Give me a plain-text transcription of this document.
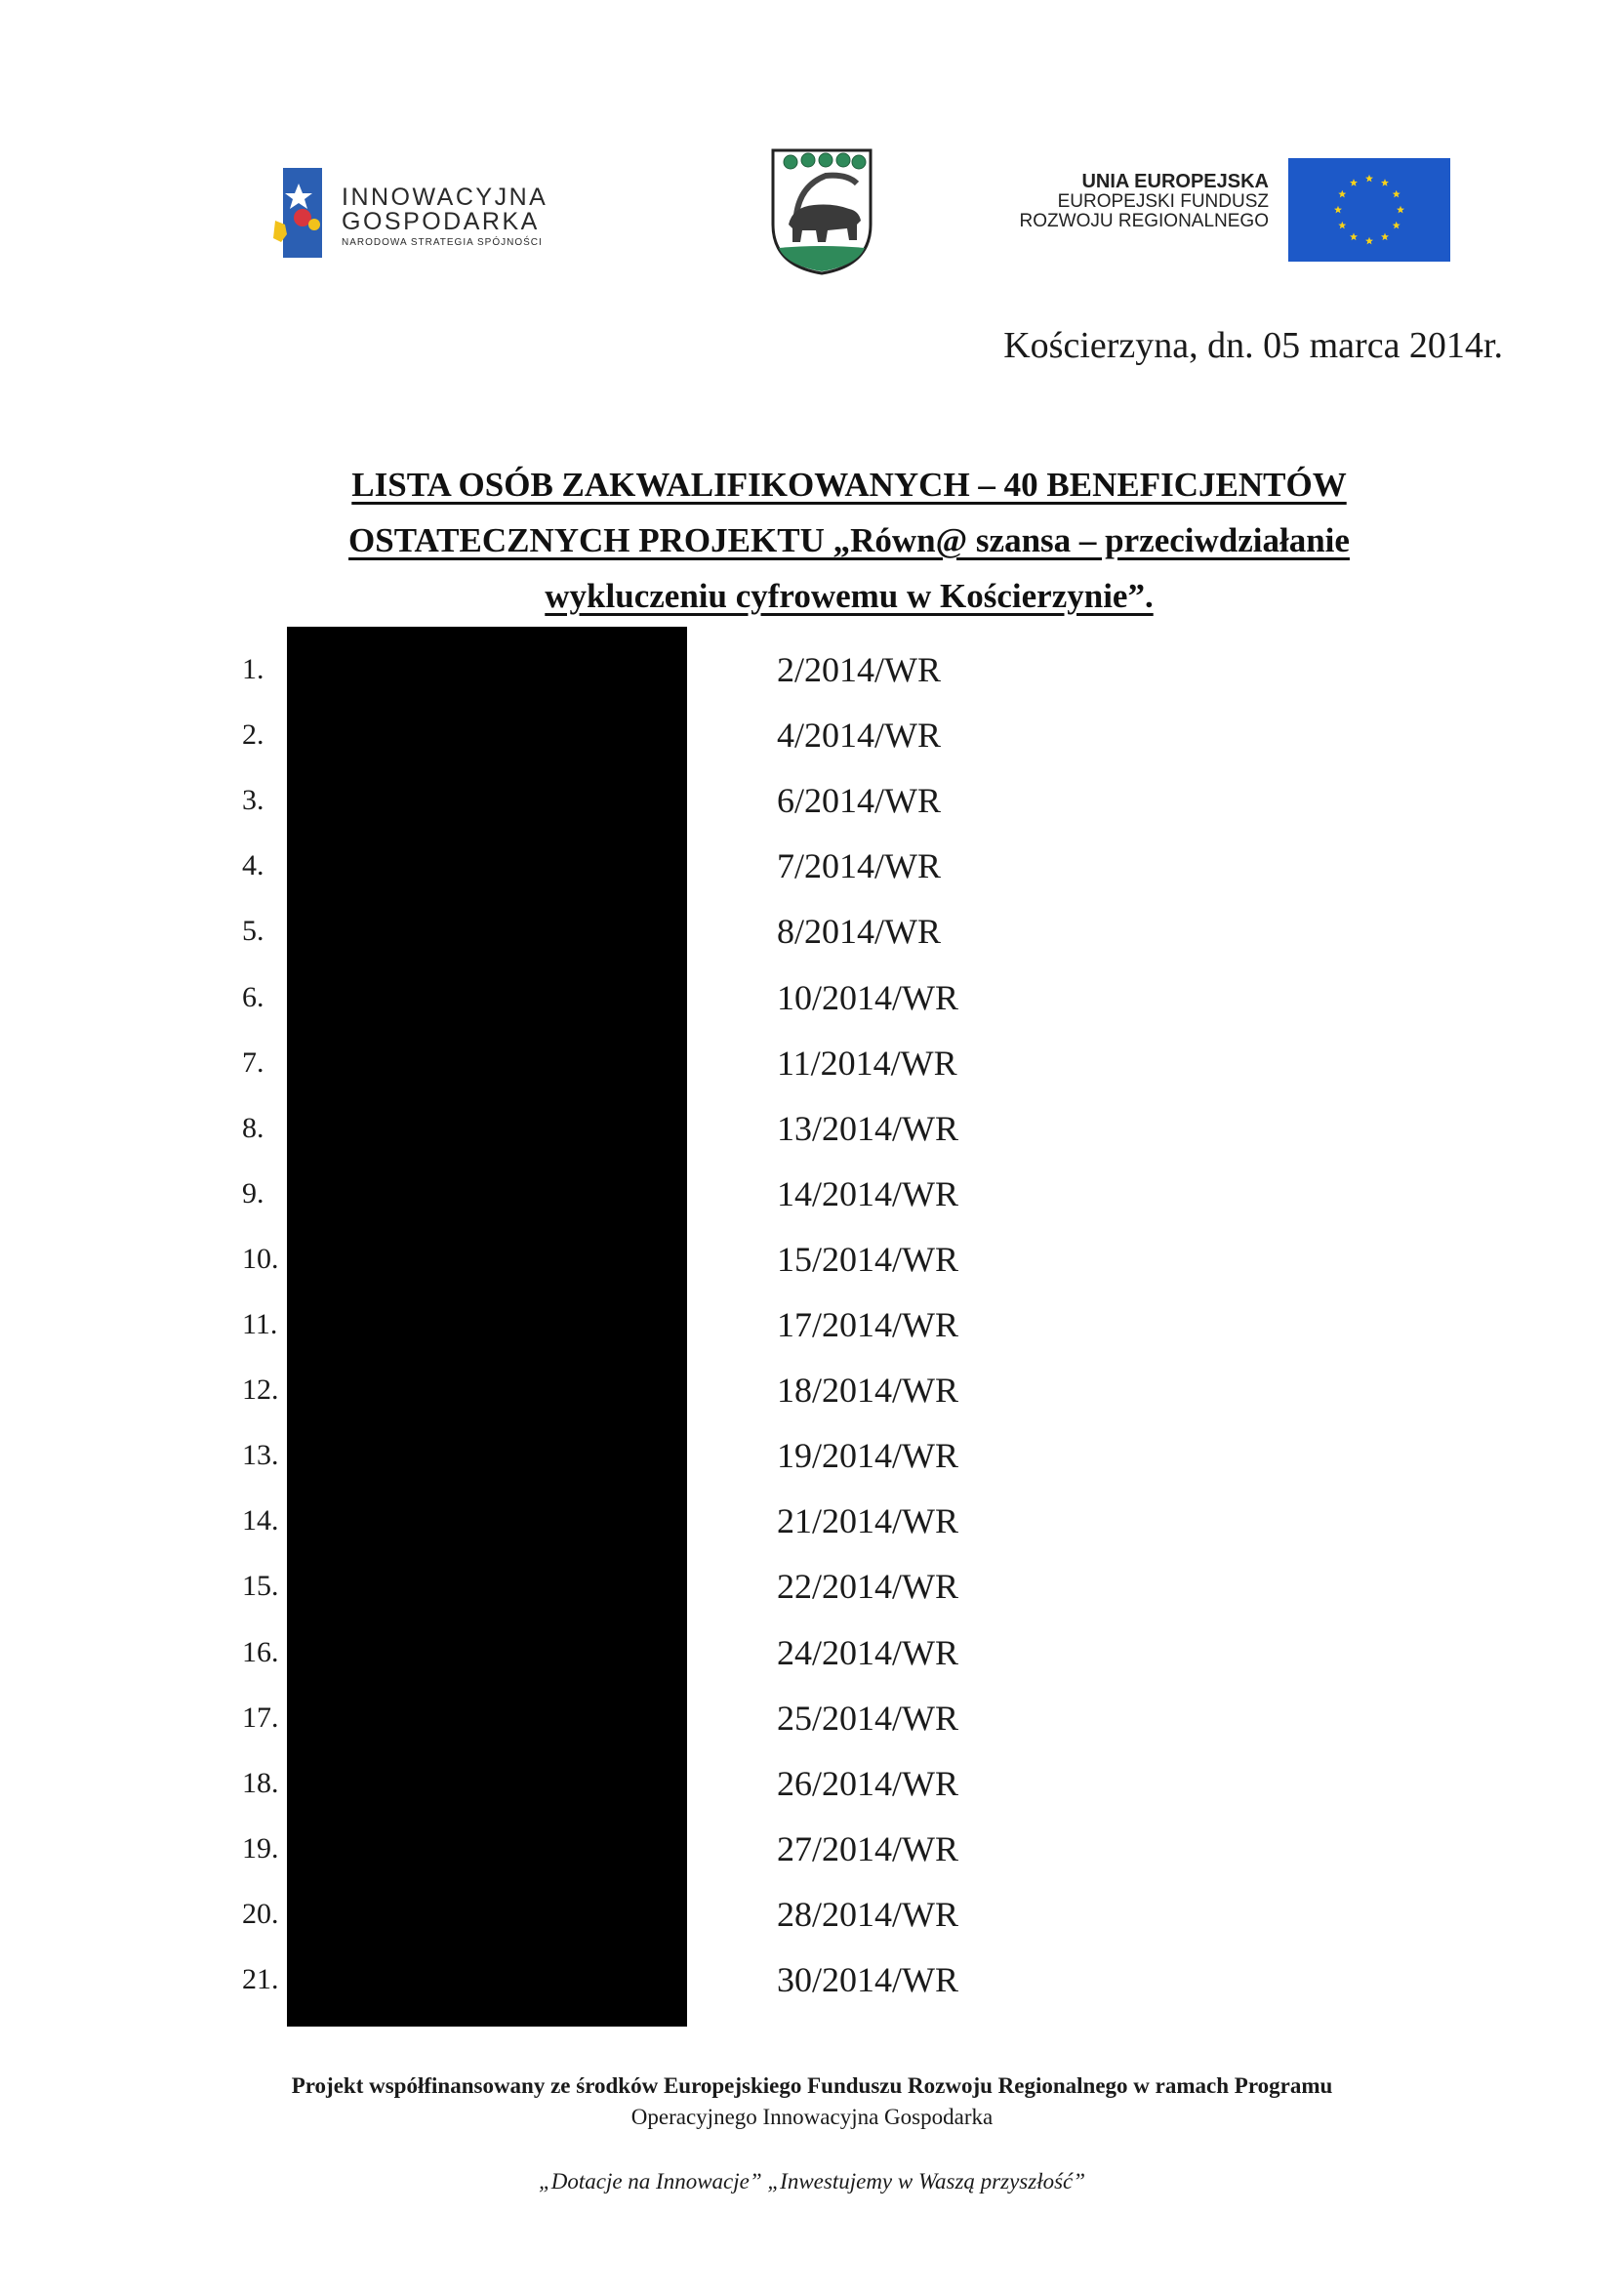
INNOWACYJNA
GOSPODARKA
NARODOWA STRATEGIA SPÓJNOŚCI
UNIA EUROPEJSKA
EUROPEJSKI FUNDUSZ
ROZWOJU REGIONALNEGO
Kościerzyna, dn. 05 marca 2014r.
LISTA OSÓB ZAKWALIFIKOWANYCH – 40 BENEFICJENTÓW
OSTATECZNYCH PROJEKTU „Równ@ szansa – przeciwdziałanie
wykluczeniu cyfrowemu w Kościerzynie”.
1.	2/2014/WR
2.	4/2014/WR
3.	6/2014/WR
4.	7/2014/WR
5.	8/2014/WR
6.	10/2014/WR
7.	11/2014/WR
8.	13/2014/WR
9.	14/2014/WR
10.	15/2014/WR
11.	17/2014/WR
12.	18/2014/WR
13.	19/2014/WR
14.	21/2014/WR
15.	22/2014/WR
16.	24/2014/WR
17.	25/2014/WR
18.	26/2014/WR
19.	27/2014/WR
20.	28/2014/WR
21.	30/2014/WR
Projekt współfinansowany ze środków Europejskiego Funduszu Rozwoju Regionalnego w ramach Programu
Operacyjnego Innowacyjna Gospodarka
„Dotacje na Innowacje” „Inwestujemy w Waszą przyszłość”
